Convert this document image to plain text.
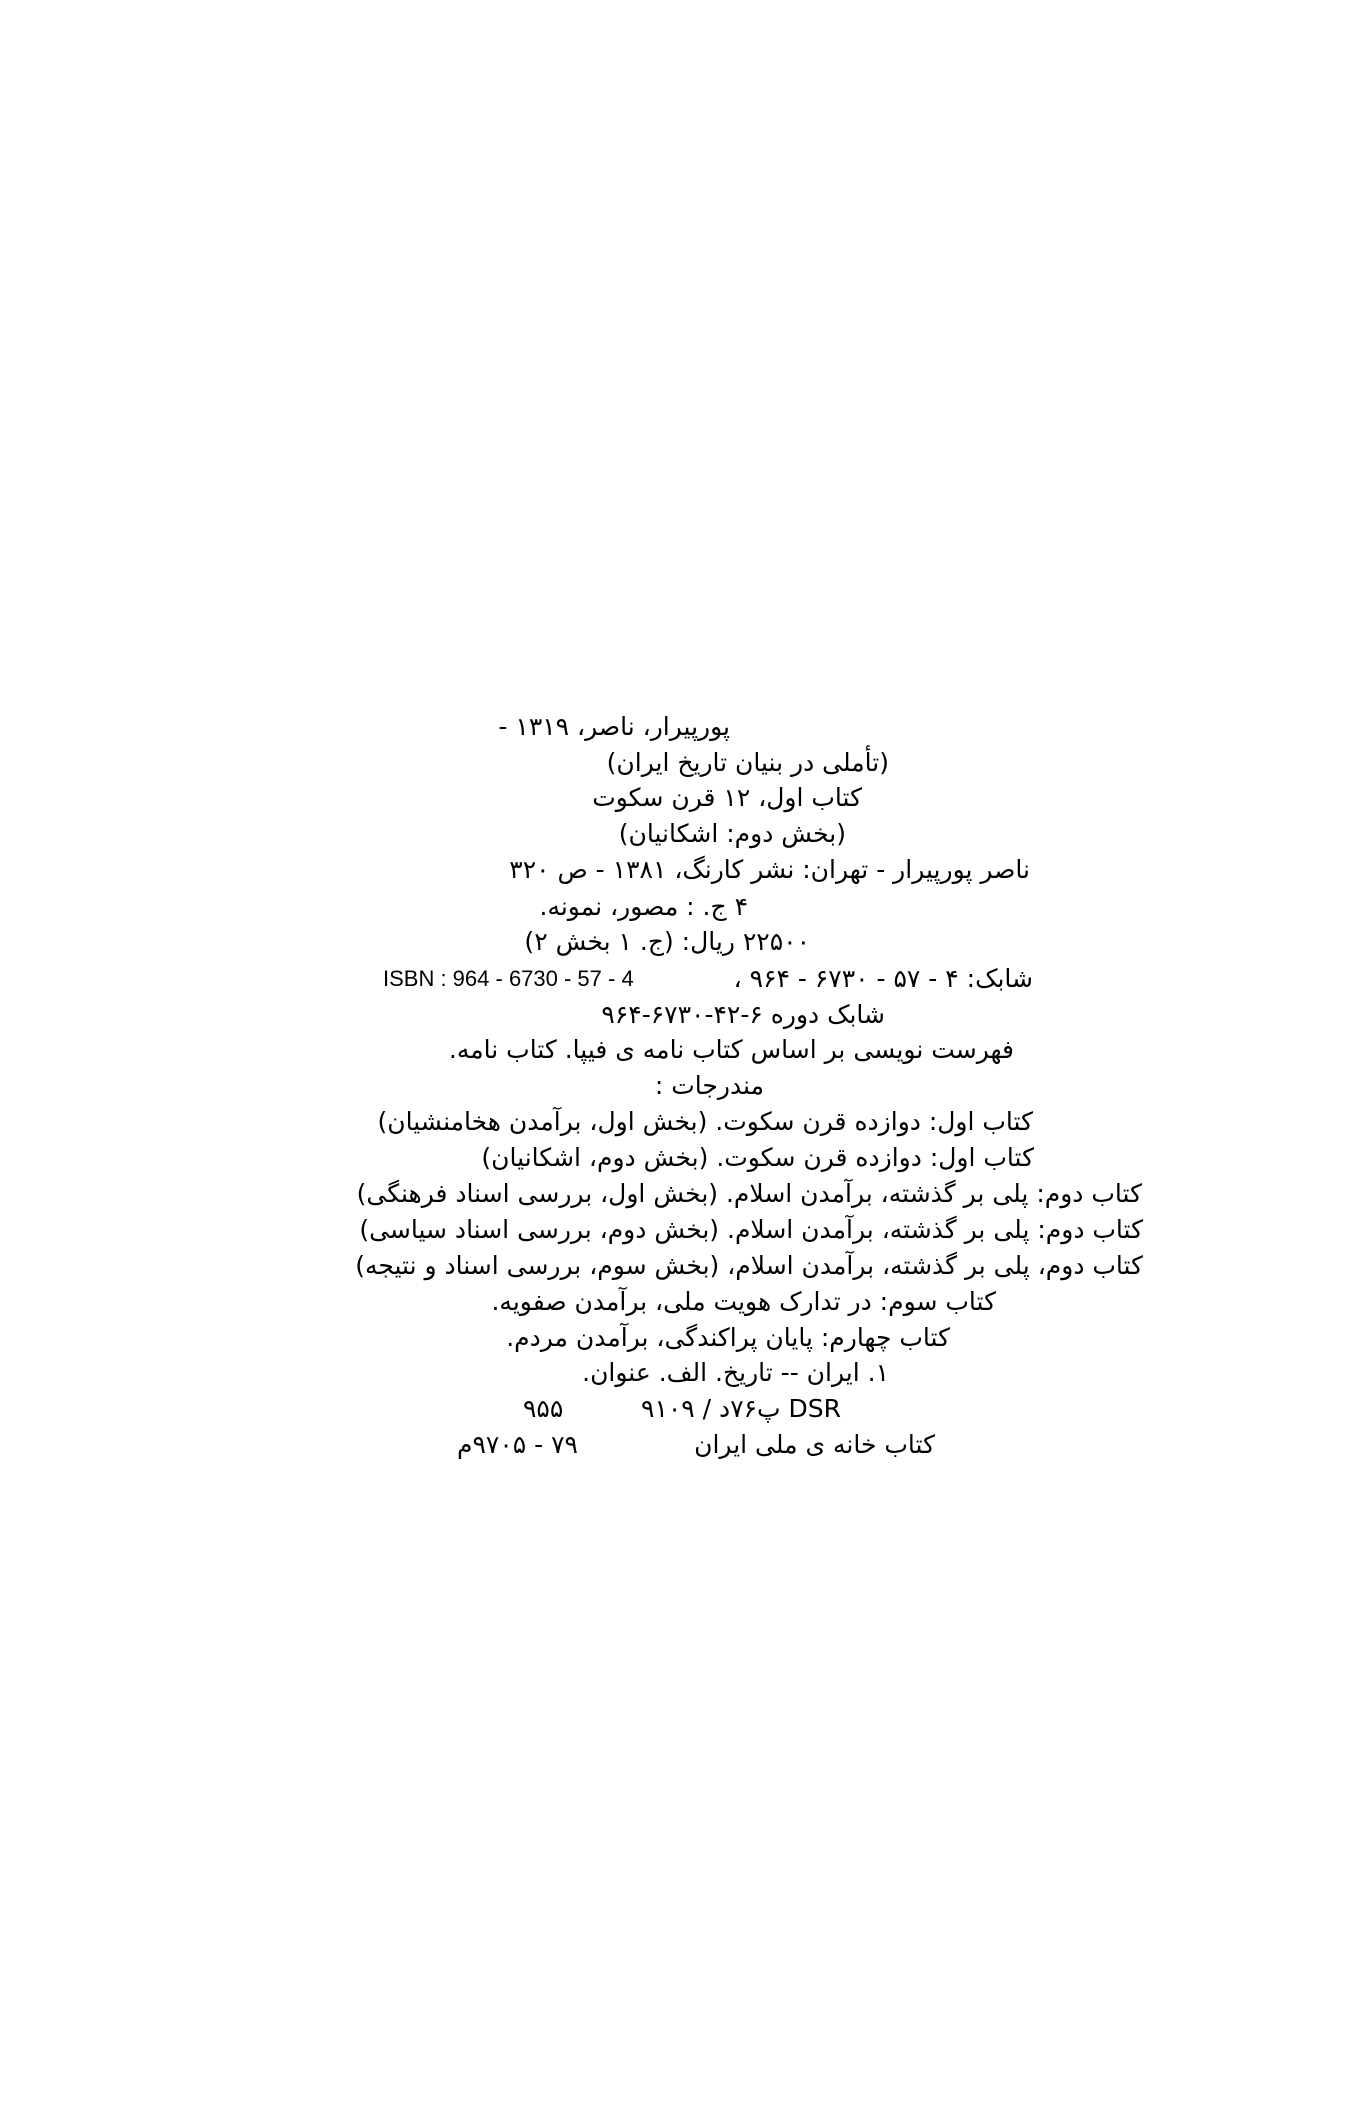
پورپیرار، ناصر، ۱۳۱۹ -
(تأملی در بنیان تاریخ ایران)
کتاب اول، ۱۲ قرن سکوت
(بخش دوم: اشکانیان)
ناصر پورپیرار - تهران: نشر کارنگ، ۱۳۸۱ - ص ۳۲۰
۴ ج. : مصور، نمونه.
۲۲۵۰۰ ریال: (ج. ۱ بخش ۲)
شابک: ۴ - ۵۷ - ۶۷۳۰ - ۹۶۴ ،
ISBN : 964 - 6730 - 57 - 4
شابک دوره ۶-۴۲-۶۷۳۰-۹۶۴
فهرست نویسی بر اساس کتاب نامه ی فیپا. کتاب نامه.
مندرجات :
کتاب اول: دوازده قرن سکوت. (بخش اول، برآمدن هخامنشیان)
کتاب اول: دوازده قرن سکوت. (بخش دوم، اشکانیان)
کتاب دوم: پلی بر گذشته، برآمدن اسلام. (بخش اول، بررسی اسناد فرهنگی)
کتاب دوم: پلی بر گذشته، برآمدن اسلام. (بخش دوم، بررسی اسناد سیاسی)
کتاب دوم، پلی بر گذشته، برآمدن اسلام، (بخش سوم، بررسی اسناد و نتیجه)
کتاب سوم: در تدارک هویت ملی، برآمدن صفویه.
کتاب چهارم: پایان پراکندگی، برآمدن مردم.
۱. ایران -- تاریخ. الف. عنوان.
۹پ۷۶د / ۱۰۹ DSR
۹۵۵
کتاب خانه ی ملی ایران
۷۹ - ۹۷۰۵م
